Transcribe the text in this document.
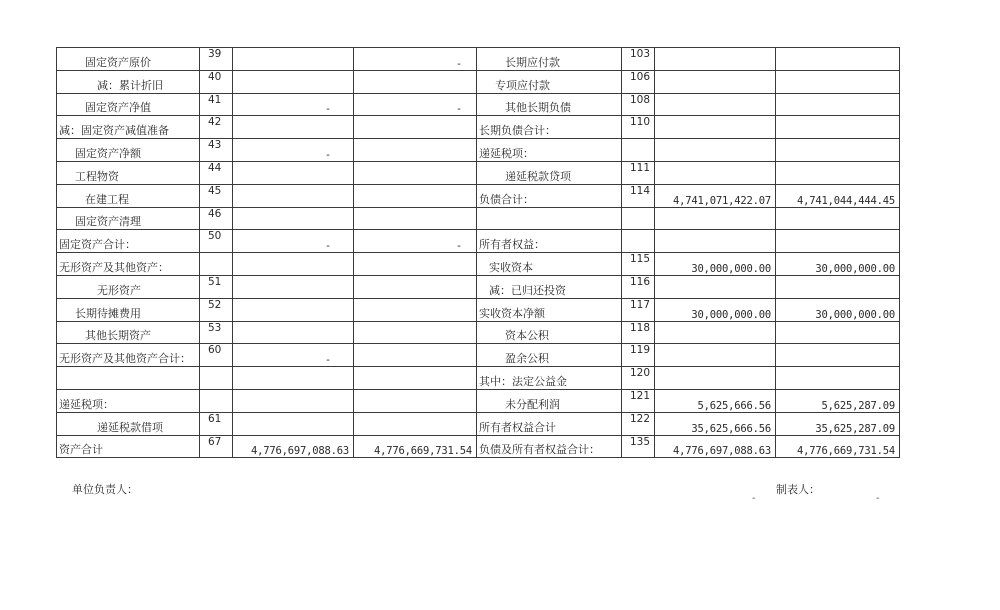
固定资产原价	39		-	长期应付款	103		
减：累计折旧	40			专项应付款	106		
固定资产净值	41	-	-	其他长期负债	108		
减：固定资产减值准备	42			长期负债合计：	110		
固定资产净额	43	-		递延税项：			
工程物资	44			递延税款贷项	111		
在建工程	45			负债合计：	114	4,741,071,422.07	4,741,044,444.45
固定资产清理	46						
固定资产合计：	50	-	-	所有者权益：			
无形资产及其他资产：				实收资本	115	30,000,000.00	30,000,000.00
无形资产	51			减：已归还投资	116		
长期待摊费用	52			实收资本净额	117	30,000,000.00	30,000,000.00
其他长期资产	53			资本公积	118		
无形资产及其他资产合计：	60	-		盈余公积	119		
				其中：法定公益金	120		
递延税项：				未分配利润	121	5,625,666.56	5,625,287.09
递延税款借项	61			所有者权益合计	122	35,625,666.56	35,625,287.09
资产合计	67	4,776,697,088.63	4,776,669,731.54	负债及所有者权益合计：	135	4,776,697,088.63	4,776,669,731.54
单位负责人：	制表人：
-	-
